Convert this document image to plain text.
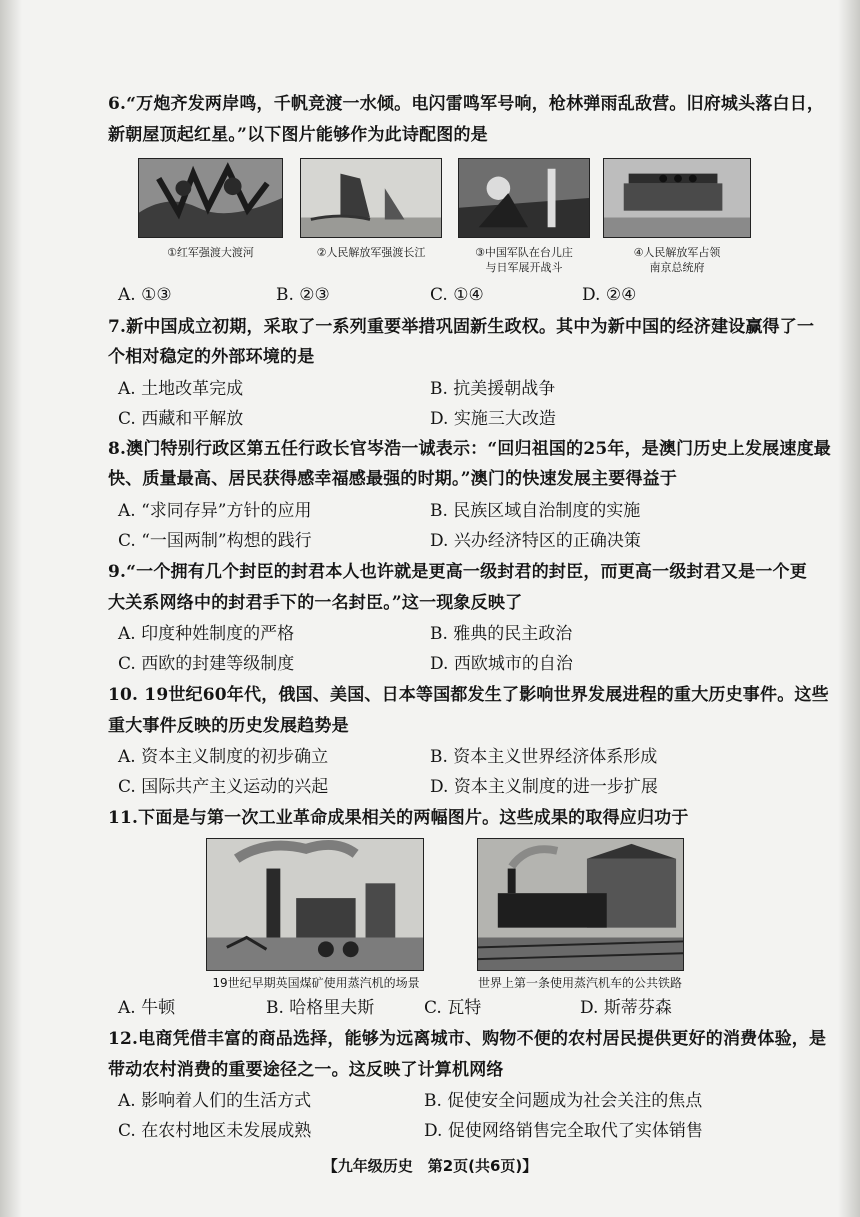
6.“万炮齐发两岸鸣，千帆竞渡一水倾。电闪雷鸣军号响，枪林弹雨乱敌营。旧府城头落白日，
新朝屋顶起红星。”以下图片能够作为此诗配图的是
①红军强渡大渡河	②人民解放军强渡长江	③中国军队在台儿庄
与日军展开战斗
④人民解放军占领
南京总统府
A. ①③	B. ②③	C. ①④	D. ②④
7.新中国成立初期，采取了一系列重要举措巩固新生政权。其中为新中国的经济建设赢得了一
个相对稳定的外部环境的是
A. 土地改革完成	B. 抗美援朝战争
C. 西藏和平解放	D. 实施三大改造
8.澳门特别行政区第五任行政长官岑浩一诚表示：“回归祖国的25年，是澳门历史上发展速度最
快、质量最高、居民获得感幸福感最强的时期。”澳门的快速发展主要得益于
A. “求同存异”方针的应用	B. 民族区域自治制度的实施
C. “一国两制”构想的践行	D. 兴办经济特区的正确决策
9.“一个拥有几个封臣的封君本人也许就是更高一级封君的封臣，而更高一级封君又是一个更
大关系网络中的封君手下的一名封臣。”这一现象反映了
A. 印度种姓制度的严格	B. 雅典的民主政治
C. 西欧的封建等级制度	D. 西欧城市的自治
10. 19世纪60年代，俄国、美国、日本等国都发生了影响世界发展进程的重大历史事件。这些
重大事件反映的历史发展趋势是
A. 资本主义制度的初步确立	B. 资本主义世界经济体系形成
C. 国际共产主义运动的兴起	D. 资本主义制度的进一步扩展
11.下面是与第一次工业革命成果相关的两幅图片。这些成果的取得应归功于
19世纪早期英国煤矿使用蒸汽机的场景	世界上第一条使用蒸汽机车的公共铁路
A. 牛顿	B. 哈格里夫斯	C. 瓦特	D. 斯蒂芬森
12.电商凭借丰富的商品选择，能够为远离城市、购物不便的农村居民提供更好的消费体验，是
带动农村消费的重要途径之一。这反映了计算机网络
A. 影响着人们的生活方式	B. 促使安全问题成为社会关注的焦点
C. 在农村地区未发展成熟	D. 促使网络销售完全取代了实体销售
【九年级历史　第2页(共6页)】
